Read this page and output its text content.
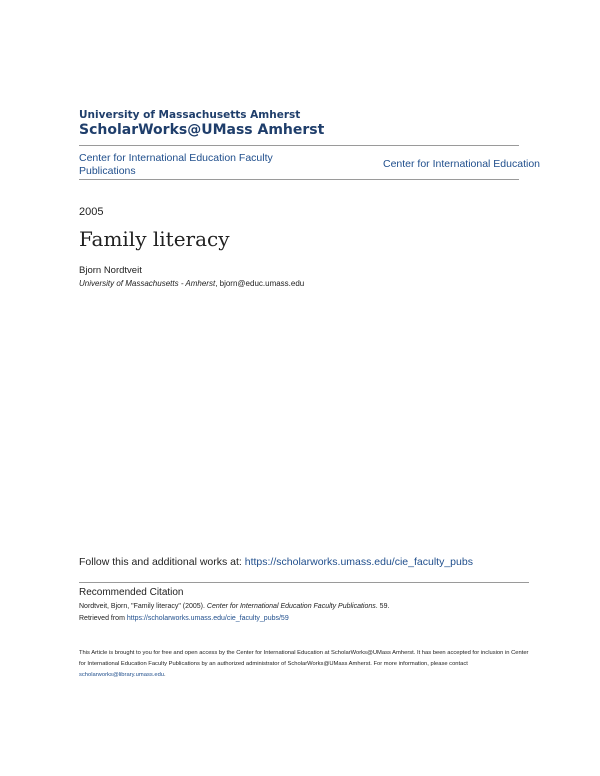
University of Massachusetts Amherst
ScholarWorks@UMass Amherst
Center for International Education Faculty Publications
Center for International Education
2005
Family literacy
Bjorn Nordtveit
University of Massachusetts - Amherst, bjorn@educ.umass.edu
Follow this and additional works at: https://scholarworks.umass.edu/cie_faculty_pubs
Recommended Citation
Nordtveit, Bjorn, "Family literacy" (2005). Center for International Education Faculty Publications. 59.
Retrieved from https://scholarworks.umass.edu/cie_faculty_pubs/59
This Article is brought to you for free and open access by the Center for International Education at ScholarWorks@UMass Amherst. It has been accepted for inclusion in Center for International Education Faculty Publications by an authorized administrator of ScholarWorks@UMass Amherst. For more information, please contact scholarworks@library.umass.edu.
